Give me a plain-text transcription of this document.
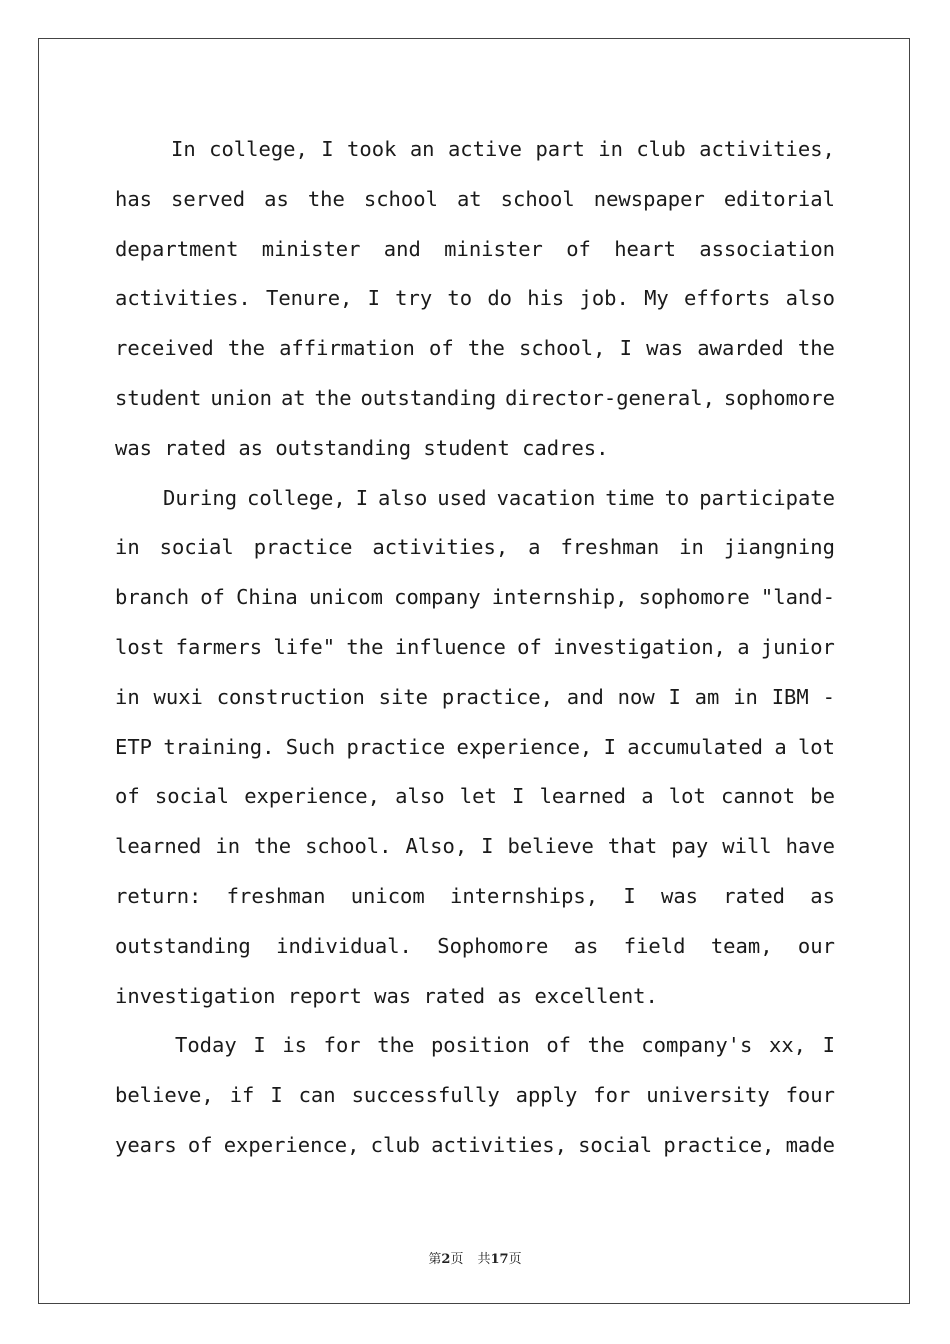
In college, I took an active part in club activities,
has served as the school at school newspaper editorial
department minister and minister of heart association
activities. Tenure, I try to do his job. My efforts also
received the affirmation of the school, I was awarded the
student union at the outstanding director-general, sophomore
was rated as outstanding student cadres.
During college, I also used vacation time to participate
in social practice activities, a freshman in jiangning
branch of China unicom company internship, sophomore "land-
lost farmers life" the influence of investigation, a junior
in wuxi construction site practice, and now I am in IBM -
ETP training. Such practice experience, I accumulated a lot
of social experience, also let I learned a lot cannot be
learned in the school. Also, I believe that pay will have
return: freshman unicom internships, I was rated as
outstanding individual. Sophomore as field team, our
investigation report was rated as excellent.
Today I is for the position of the company's xx, I
believe, if I can successfully apply for university four
years of experience, club activities, social practice, made
第2页 共17页
